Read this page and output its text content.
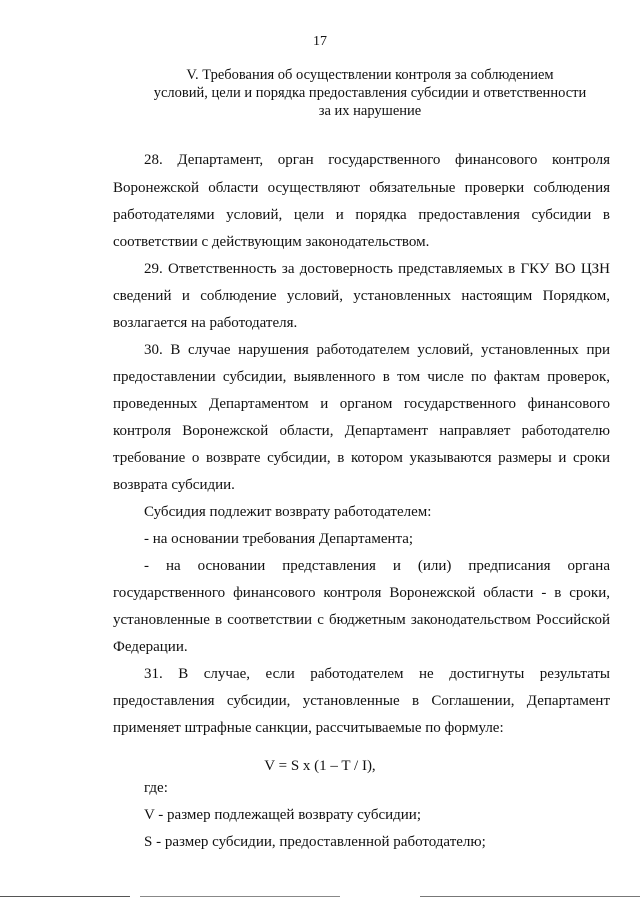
17
V. Требования об осуществлении контроля за соблюдением
условий, цели и порядка предоставления субсидии и ответственности
за их нарушение
28. Департамент, орган государственного финансового контроля
Воронежской области осуществляют обязательные проверки соблюдения
работодателями условий, цели и порядка предоставления субсидии в
соответствии с действующим законодательством.
29. Ответственность за достоверность представляемых в ГКУ ВО ЦЗН
сведений и соблюдение условий, установленных настоящим Порядком,
возлагается на работодателя.
30. В случае нарушения работодателем условий, установленных при
предоставлении субсидии, выявленного в том числе по фактам проверок,
проведенных Департаментом и органом государственного финансового
контроля Воронежской области, Департамент направляет работодателю
требование о возврате субсидии, в котором указываются размеры и сроки
возврата субсидии.
Субсидия подлежит возврату работодателем:
- на основании требования Департамента;
- на основании представления и (или) предписания органа
государственного финансового контроля Воронежской области - в сроки,
установленные в соответствии с бюджетным законодательством Российской
Федерации.
31. В случае, если работодателем не достигнуты результаты
предоставления субсидии, установленные в Соглашении, Департамент
применяет штрафные санкции, рассчитываемые по формуле:
V = S x (1 – T / I),
где:
V - размер подлежащей возврату субсидии;
S - размер субсидии, предоставленной работодателю;
